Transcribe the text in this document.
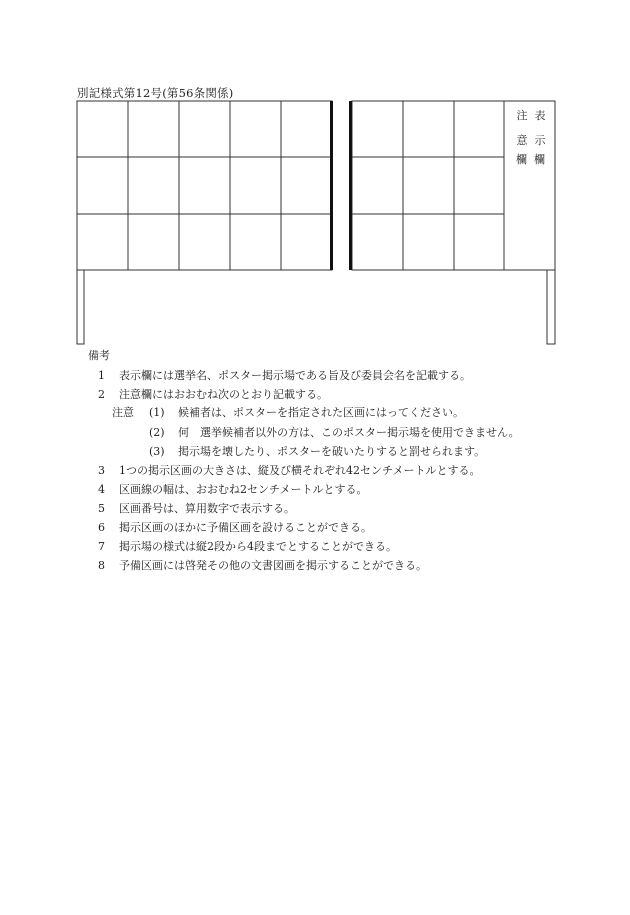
別記様式第12号(第56条関係)
表示
注意
欄欄
備考
1 表示欄には選挙名、ポスター掲示場である旨及び委員会名を記載する。
2 注意欄にはおおむね次のとおり記載する。
注意 (1) 候補者は、ポスターを指定された区画にはってください。
(2) 何　選挙候補者以外の方は、このポスター掲示場を使用できません。
(3) 掲示場を壊したり、ポスターを破いたりすると罰せられます。
3 1つの掲示区画の大きさは、縦及び横それぞれ42センチメートルとする。
4 区画線の幅は、おおむね2センチメートルとする。
5 区画番号は、算用数字で表示する。
6 掲示区画のほかに予備区画を設けることができる。
7 掲示場の様式は縦2段から4段までとすることができる。
8 予備区画には啓発その他の文書図画を掲示することができる。
